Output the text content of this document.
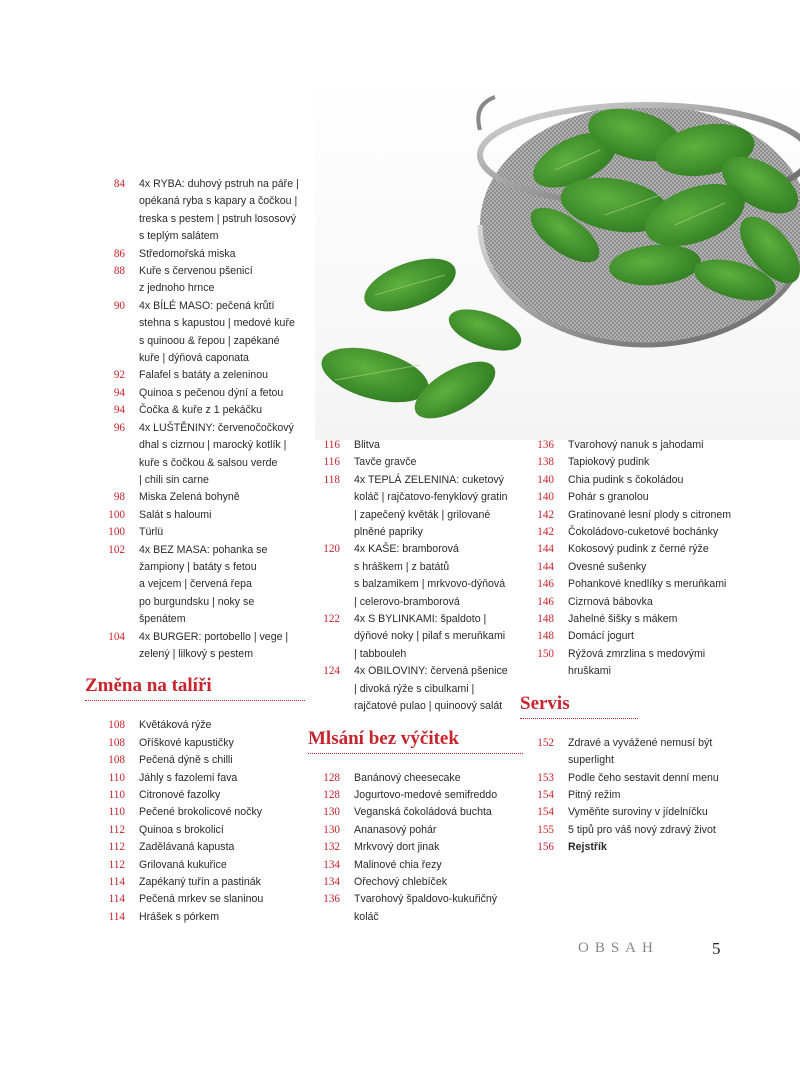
84 4x RYBA: duhový pstruh na páře |
opékaná ryba s kapary a čočkou |
treska s pestem | pstruh lososový
s teplým salátem
86 Středomořská miska
88 Kuře s červenou pšenicí
z jednoho hrnce
90 4x BÍLÉ MASO: pečená krůtí
stehna s kapustou | medové kuře
s quinoou & řepou | zapékané
kuře | dýňová caponata
92 Falafel s batáty a zeleninou
94 Quinoa s pečenou dýní a fetou
94 Čočka & kuře z 1 pekáčku
96 4x LUŠTĚNINY: červenočočkový
dhal s cizrnou | marocký kotlík |
kuře s čočkou & salsou verde
| chili sin carne
98 Miska Zelená bohyně
100 Salát s haloumi
100 Türlü
102 4x BEZ MASA: pohanka se
žampiony | batáty s fetou
a vejcem | červená řepa
po burgundsku | noky se
špenátem
104 4x BURGER: portobello | vege |
zelený | lilkový s pestem
Změna na talíři
108 Květáková rýže
108 Oříškové kapustičky
108 Pečená dýně s chilli
110 Jáhly s fazolemi fava
110 Citronové fazolky
110 Pečené brokolicové nočky
112 Quinoa s brokolicí
112 Zadělávaná kapusta
112 Grilovaná kukuřice
114 Zapékaný tuřín a pastinák
114 Pečená mrkev se slaninou
114 Hrášek s pórkem
116 Blitva
116 Tavče gravče
118 4x TEPLÁ ZELENINA: cuketový
koláč | rajčatovo-fenyklový gratin
| zapečený květák | grilované
plněné papriky
120 4x KAŠE: bramborová
s hráškem | z batátů
s balzamikem | mrkvovo-dýňová
| celerovo-bramborová
122 4x S BYLINKAMI: špaldoto |
dýňové noky | pilaf s meruňkami
| tabbouleh
124 4x OBILOVINY: červená pšenice
| divoká rýže s cibulkami |
rajčatové pulao | quinoový salát
Mlsání bez výčitek
128 Banánový cheesecake
128 Jogurtovo-medové semifreddo
130 Veganská čokoládová buchta
130 Ananasový pohár
132 Mrkvový dort jinak
134 Malinové chia řezy
134 Ořechový chlebíček
136 Tvarohový špaldovo-kukuřičný
koláč
136 Tvarohový nanuk s jahodami
138 Tapiokový pudink
140 Chia pudink s čokoládou
140 Pohár s granolou
142 Gratinované lesní plody s citronem
142 Čokoládovo-cuketové bochánky
144 Kokosový pudink z černé rýže
144 Ovesné sušenky
146 Pohankové knedlíky s meruňkami
146 Cizrnová bábovka
148 Jahelné šišky s mákem
148 Domácí jogurt
150 Rýžová zmrzlina s medovými
hruškami
Servis
152 Zdravé a vyvážené nemusí být
superlight
153 Podle čeho sestavit denní menu
154 Pitný režim
154 Vyměňte suroviny v jídelníčku
155 5 tipů pro váš nový zdravý život
156 Rejstřík
OBSAH	5
